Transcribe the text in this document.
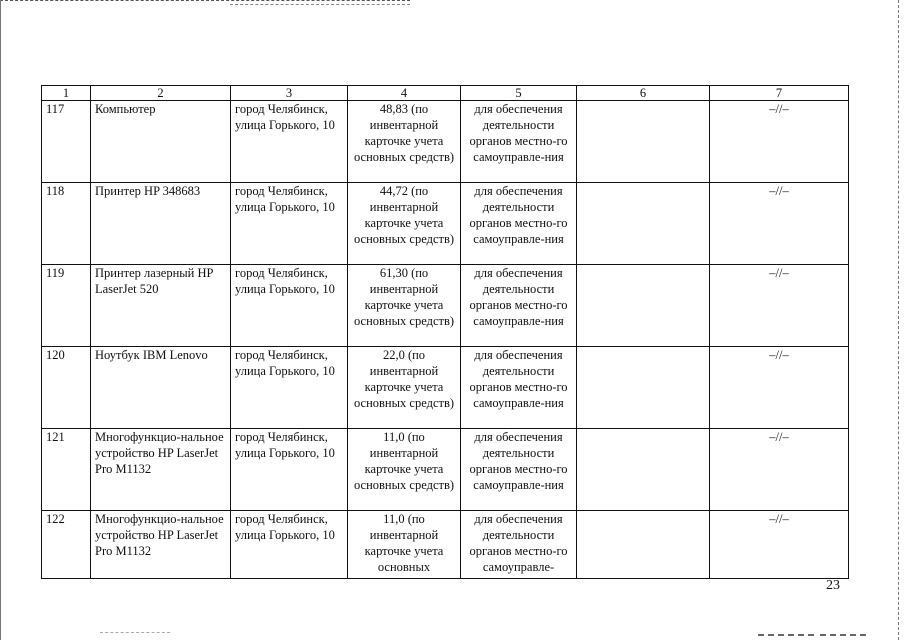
1	2	3	4	5	6	7
117	Компьютер	город Челябинск, улица Горького, 10	48,83 (по инвентарной карточке учета основных средств)	для обеспечения деятельности органов местно-го самоуправле-ния		–//–
118	Принтер HP 348683	город Челябинск, улица Горького, 10	44,72 (по инвентарной карточке учета основных средств)	для обеспечения деятельности органов местно-го самоуправле-ния		–//–
119	Принтер лазерный HP LaserJet 520	город Челябинск, улица Горького, 10	61,30 (по инвентарной карточке учета основных средств)	для обеспечения деятельности органов местно-го самоуправле-ния		–//–
120	Ноутбук IBM Lenovo	город Челябинск, улица Горького, 10	22,0 (по инвентарной карточке учета основных средств)	для обеспечения деятельности органов местно-го самоуправле-ния		–//–
121	Многофункцио-нальное устройство HP LaserJet Pro M1132	город Челябинск, улица Горького, 10	11,0 (по инвентарной карточке учета основных средств)	для обеспечения деятельности органов местно-го самоуправле-ния		–//–
122	Многофункцио-нальное устройство HP LaserJet Pro M1132	город Челябинск, улица Горького, 10	11,0 (по инвентарной карточке учета основных	для обеспечения деятельности органов местно-го самоуправле-		–//–
23
